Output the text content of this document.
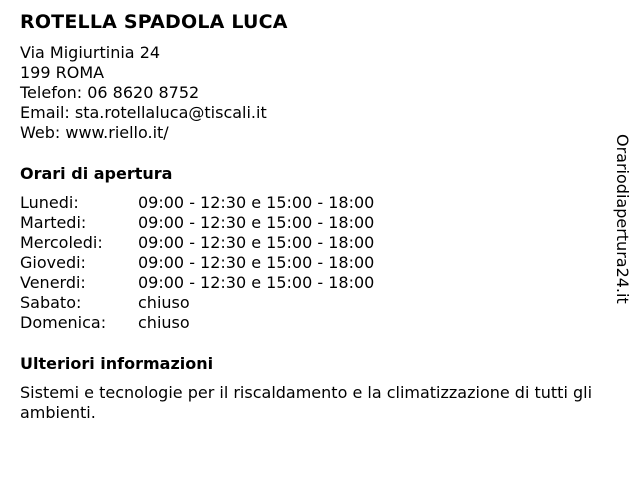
ROTELLA SPADOLA LUCA
Via Migiurtinia 24
199 ROMA
Telefon: 06 8620 8752
Email: sta.rotellaluca@tiscali.it
Web: www.riello.it/
Orari di apertura
Lunedi:	09:00 - 12:30 e 15:00 - 18:00
Martedi:	09:00 - 12:30 e 15:00 - 18:00
Mercoledi:	09:00 - 12:30 e 15:00 - 18:00
Giovedi:	09:00 - 12:30 e 15:00 - 18:00
Venerdi:	09:00 - 12:30 e 15:00 - 18:00
Sabato:	chiuso
Domenica:	chiuso
Ulteriori informazioni
Sistemi e tecnologie per il riscaldamento e la climatizzazione di tutti gli ambienti.
Orariodiapertura24.it
